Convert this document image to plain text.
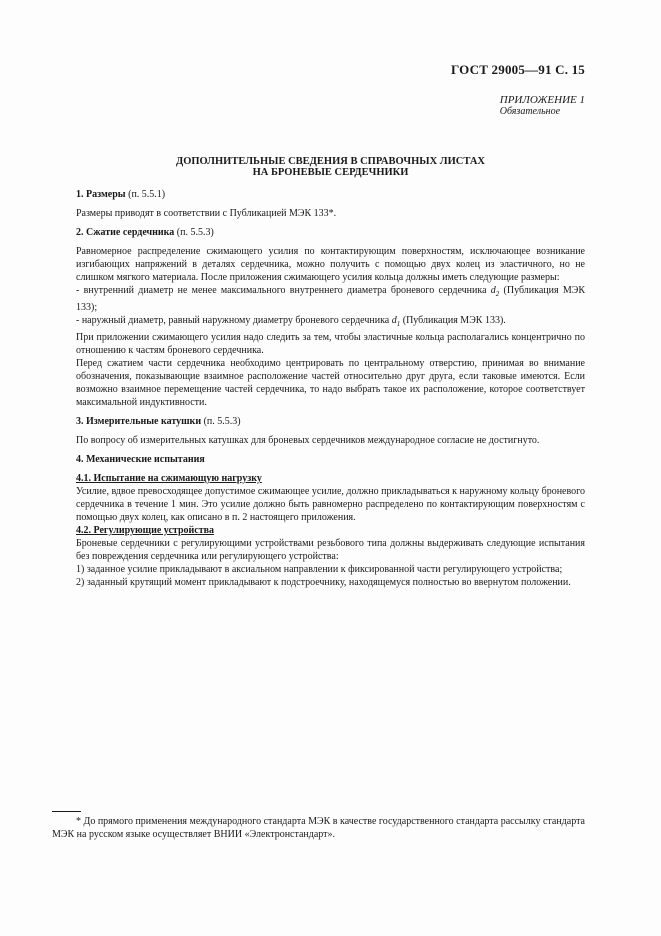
ГОСТ 29005—91 С. 15
ПРИЛОЖЕНИЕ 1
Обязательное
ДОПОЛНИТЕЛЬНЫЕ СВЕДЕНИЯ В СПРАВОЧНЫХ ЛИСТАХ
НА БРОНЕВЫЕ СЕРДЕЧНИКИ

1. Размеры (п. 5.5.1)

Размеры приводят в соответствии с Публикацией МЭК 133*.

2. Сжатие сердечника (п. 5.5.3)

Равномерное распределение сжимающего усилия по контактирующим поверхностям, исключающее возникание изгибающих напряжений в деталях сердечника, можно получить с помощью двух колец из эластичного, но не слишком мягкого материала. После приложения сжимающего усилия кольца должны иметь следующие размеры:

- внутренний диаметр не менее максимального внутреннего диаметра броневого сердечника $d_2$ (Публикация МЭК 133);

- наружный диаметр, равный наружному диаметру броневого сердечника $d_1$ (Публикация МЭК 133).

При приложении сжимающего усилия надо следить за тем, чтобы эластичные кольца располагались концентрично по отношению к частям броневого сердечника.

Перед сжатием части сердечника необходимо центрировать по центральному отверстию, принимая во внимание обозначения, показывающие взаимное расположение частей относительно друг друга, если таковые имеются. Если возможно взаимное перемещение частей сердечника, то надо выбрать такое их расположение, которое соответствует максимальной индуктивности.

3. Измерительные катушки (п. 5.5.3)

По вопросу об измерительных катушках для броневых сердечников международное согласие не достигнуто.

4. Механические испытания

4.1. Испытание на сжимающую нагрузку

Усилие, вдвое превосходящее допустимое сжимающее усилие, должно прикладываться к наружному кольцу броневого сердечника в течение 1 мин. Это усилие должно быть равномерно распределено по контактирующим поверхностям с помощью двух колец, как описано в п. 2 настоящего приложения.

4.2. Регулирующие устройства

Броневые сердечники с регулирующими устройствами резьбового типа должны выдерживать следующие испытания без повреждения сердечника или регулирующего устройства:

1) заданное усилие прикладывают в аксиальном направлении к фиксированной части регулирующего устройства;

2) заданный крутящий момент прикладывают к подстроечнику, находящемуся полностью во ввернутом положении.

* До прямого применения международного стандарта МЭК в качестве государственного стандарта рассылку стандарта МЭК на русском языке осуществляет ВНИИ «Электронстандарт».
